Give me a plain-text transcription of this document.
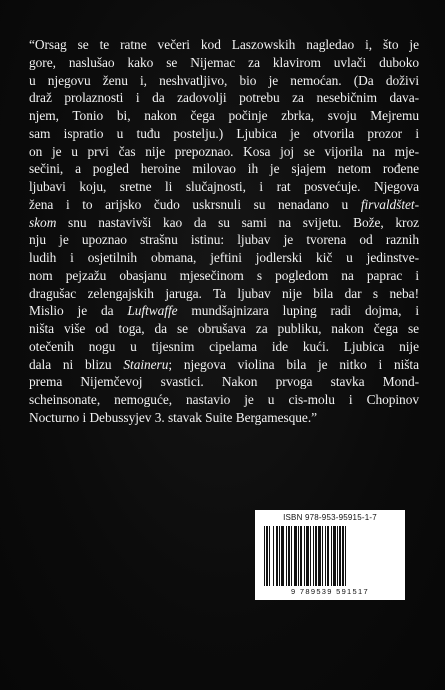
“Orsag se te ratne večeri kod Laszowskih nagledao i, što je
gore, naslušao kako se Nijemac za klavirom uvlači duboko
u njegovu ženu i, neshvatljivo, bio je nemoćan. (Da doživi
draž prolaznosti i da zadovolji potrebu za nesebičnim dava-
njem, Tonio bi, nakon čega počinje zbrka, svoju Mejremu
sam ispratio u tuđu postelju.) Ljubica je otvorila prozor i
on je u prvi čas nije prepoznao. Kosa joj se vijorila na mje-
sečini, a pogled heroine milovao ih je sjajem netom rođene
ljubavi koju, sretne li slučajnosti, i rat posvećuje. Njegova
žena i to arijsko čudo uskrsnuli su nenadano u firvaldštet-
skom snu nastavivši kao da su sami na svijetu. Bože, kroz
nju je upoznao strašnu istinu: ljubav je tvorena od raznih
ludih i osjetilnih obmana, jeftini jodlerski kič u jedinstve-
nom pejzažu obasjanu mjesečinom s pogledom na paprac i
dragušac zelengajskih jaruga. Ta ljubav nije bila dar s neba!
Mislio je da Luftwaffe mundšajnizara luping radi dojma, i
ništa više od toga, da se obrušava za publiku, nakon čega se
otečenih nogu u tijesnim cipelama ide kući. Ljubica nije
dala ni blizu Staineru; njegova violina bila je nitko i ništa
prema Nijemčevoj svastici. Nakon prvoga stavka Mond-
scheinsonate, nemoguće, nastavio je u cis-molu i Chopinov
Nocturno i Debussyjev 3. stavak Suite Bergamesque.”
ISBN 978-953-95915-1-7
9 789539 591517
